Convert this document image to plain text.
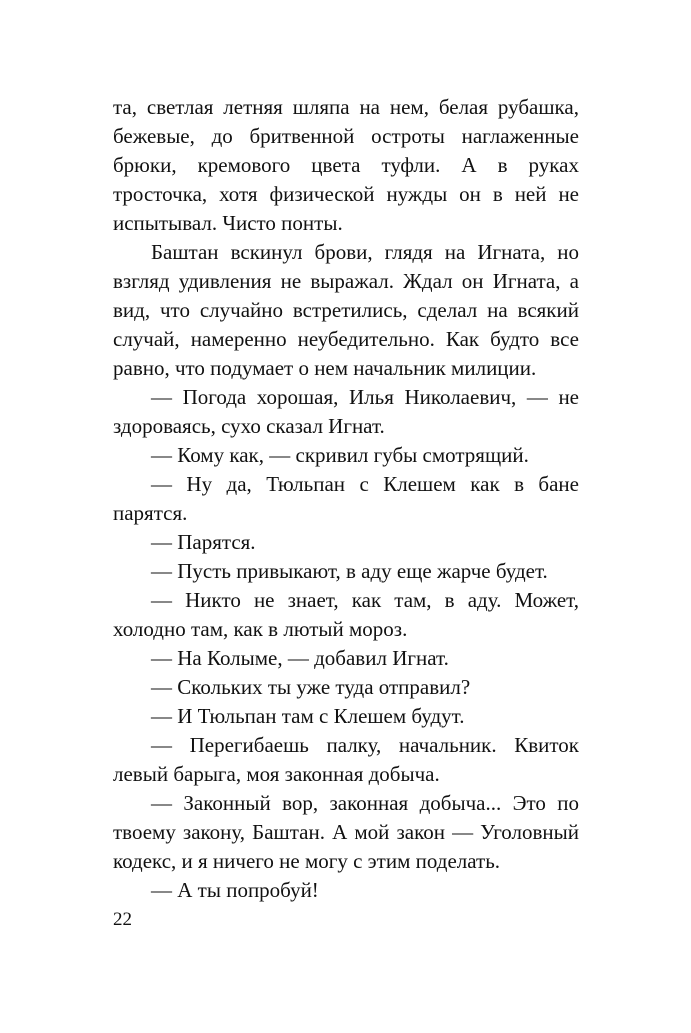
та, светлая летняя шляпа на нем, белая рубашка, бежевые, до бритвенной остроты наглаженные брюки, кремового цвета туфли. А в руках тросточка, хотя физической нужды он в ней не испытывал. Чисто понты.

Баштан вскинул брови, глядя на Игната, но взгляд удивления не выражал. Ждал он Игната, а вид, что случайно встретились, сделал на всякий случай, намеренно неубедительно. Как будто все равно, что подумает о нем начальник милиции.

— Погода хорошая, Илья Николаевич, — не здороваясь, сухо сказал Игнат.

— Кому как, — скривил губы смотрящий.

— Ну да, Тюльпан с Клешем как в бане парятся.

— Парятся.

— Пусть привыкают, в аду еще жарче будет.

— Никто не знает, как там, в аду. Может, холодно там, как в лютый мороз.

— На Колыме, — добавил Игнат.

— Скольких ты уже туда отправил?

— И Тюльпан там с Клешем будут.

— Перегибаешь палку, начальник. Квиток левый барыга, моя законная добыча.

— Законный вор, законная добыча... Это по твоему закону, Баштан. А мой закон — Уголовный кодекс, и я ничего не могу с этим поделать.

— А ты попробуй!

22
